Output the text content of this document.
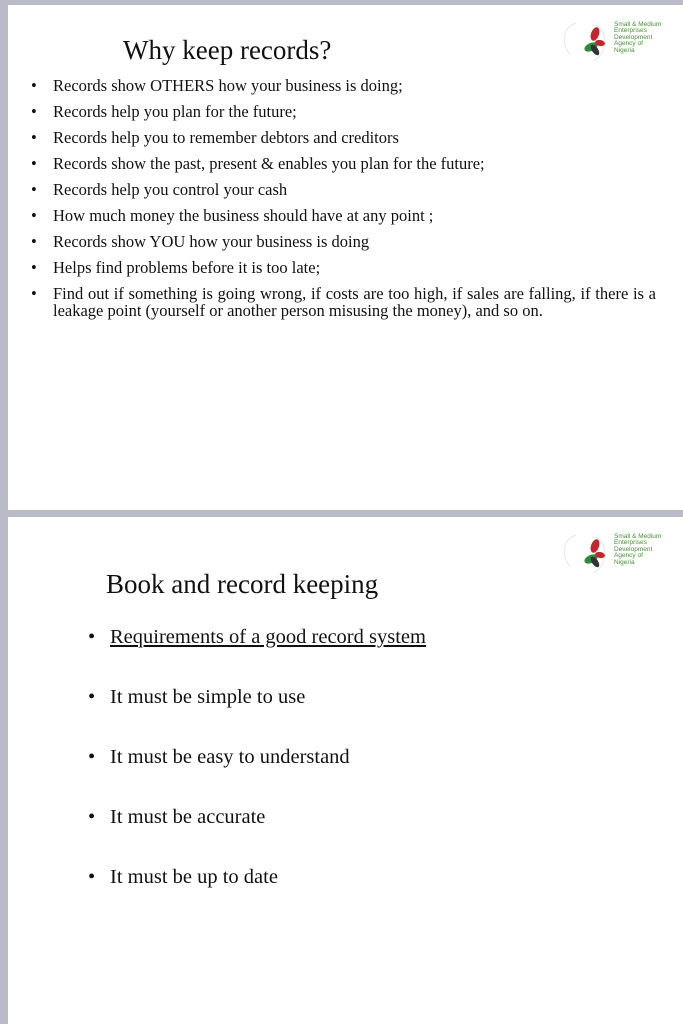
Small & Medium
Enterprises
Development
Agency of
Nigeria
Why keep records?
• Records show OTHERS how your business is doing;
• Records help you plan for the future;
• Records help you to remember debtors and creditors
• Records show the past, present & enables you plan for the future;
• Records help you control your cash
• How much money the business should have at any point ;
• Records show YOU how your business is doing
• Helps find problems before it is too late;
• Find out if something is going wrong, if costs are too high, if sales are falling, if there is a leakage point (yourself or another person misusing the money), and so on.
Small & Medium
Enterprises
Development
Agency of
Nigeria
Book and record keeping
• Requirements of a good record system
• It must be simple to use
• It must be easy to understand
• It must be accurate
• It must be up to date
